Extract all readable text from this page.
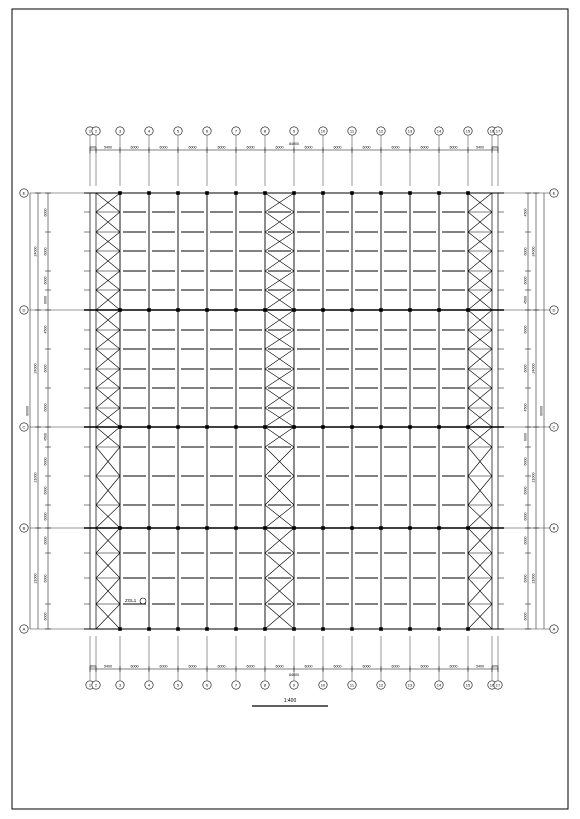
600 5400	6000	6000	6000	6000	6000	6000	6000	6000	6000	6000	6000	6000	5400 600
84000
600 5400	6000	6000	6000	6000	6000	6000	6000	6000	6000	6000	6000	6000	5400 600
84000
6000
6000
6000
6000
4500
6000
6000
4500
6000
6000
6000
6000
6000
6000
24000
24000
21000
21000
90000
4500
6000
6000
4500
6000
6000
4500
6000
6000
6000
6000
6000
6000
6000
24000
24000
21000
21000
90000
1
1
2
2
3
3
4
4
5
5
6
6
7
7
8
8
9
9
10
10
11
11
12
12
13
13
14
14
15
15
16
16
17
17
A	A
B	B
C	C
D	D
E	E
ZGL1
1:400
